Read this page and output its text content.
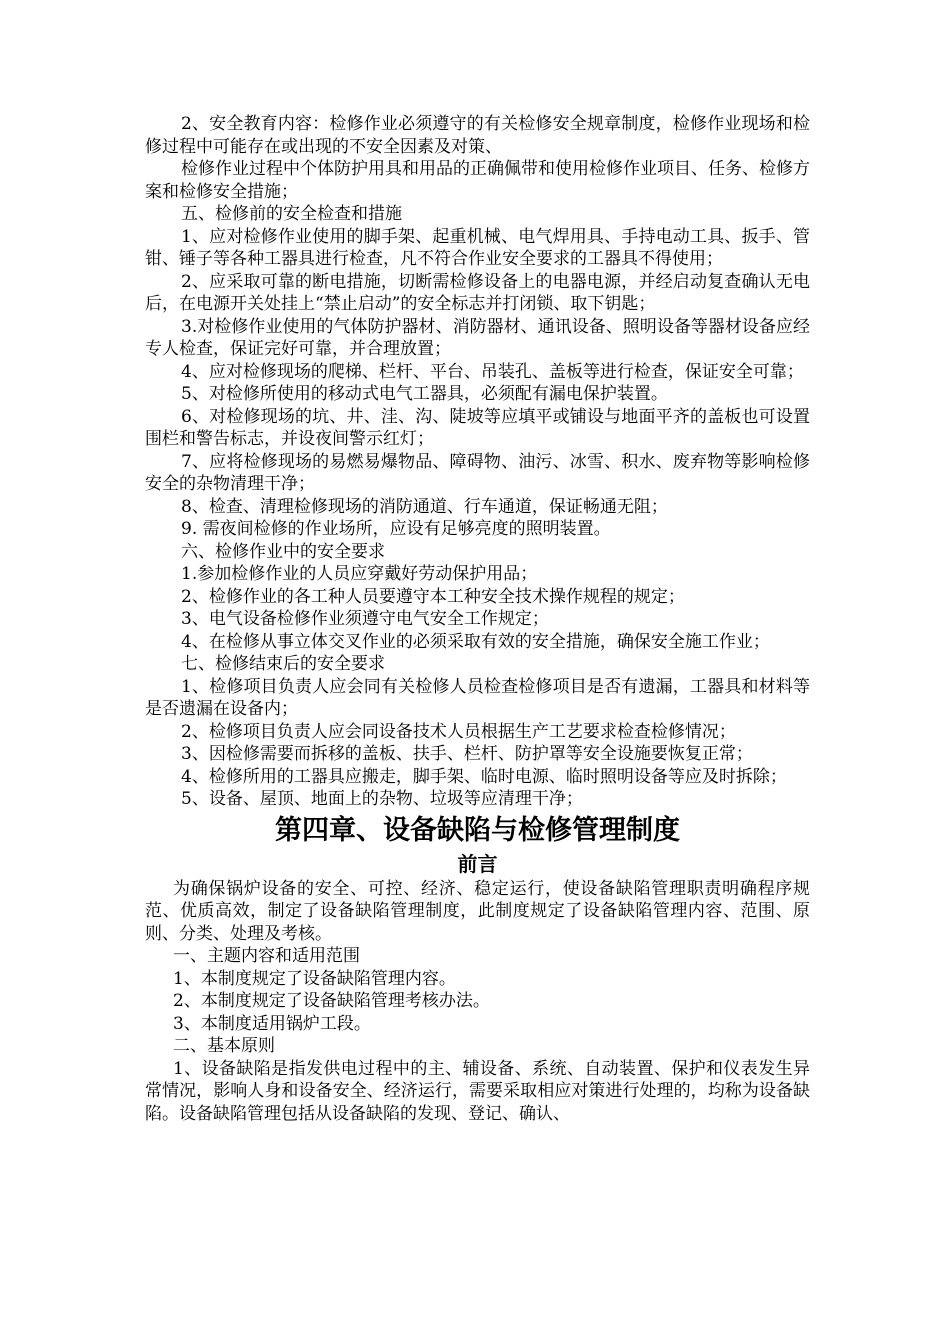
2、安全教育内容：检修作业必须遵守的有关检修安全规章制度，检修作业现场和检修过程中可能存在或出现的不安全因素及对策、

检修作业过程中个体防护用具和用品的正确佩带和使用检修作业项目、任务、检修方案和检修安全措施；

五、检修前的安全检查和措施

1、应对检修作业使用的脚手架、起重机械、电气焊用具、手持电动工具、扳手、管钳、锤子等各种工器具进行检查，凡不符合作业安全要求的工器具不得使用；

2、应采取可靠的断电措施，切断需检修设备上的电器电源，并经启动复查确认无电后，在电源开关处挂上“禁止启动”的安全标志并打闭锁、取下钥匙；

3.对检修作业使用的气体防护器材、消防器材、通讯设备、照明设备等器材设备应经专人检查，保证完好可靠，并合理放置；

4、应对检修现场的爬梯、栏杆、平台、吊装孔、盖板等进行检查，保证安全可靠；

5、对检修所使用的移动式电气工器具，必须配有漏电保护装置。

6、对检修现场的坑、井、洼、沟、陡坡等应填平或铺设与地面平齐的盖板也可设置围栏和警告标志，并设夜间警示红灯；

7、应将检修现场的易燃易爆物品、障碍物、油污、冰雪、积水、废弃物等影响检修安全的杂物清理干净；

8、检查、清理检修现场的消防通道、行车通道，保证畅通无阻；

9. 需夜间检修的作业场所，应设有足够亮度的照明装置。

六、检修作业中的安全要求

1.参加检修作业的人员应穿戴好劳动保护用品；

2、检修作业的各工种人员要遵守本工种安全技术操作规程的规定；

3、电气设备检修作业须遵守电气安全工作规定；

4、在检修从事立体交叉作业的必须采取有效的安全措施，确保安全施工作业；

七、检修结束后的安全要求

1、检修项目负责人应会同有关检修人员检查检修项目是否有遗漏，工器具和材料等是否遗漏在设备内；

2、检修项目负责人应会同设备技术人员根据生产工艺要求检查检修情况；

3、因检修需要而拆移的盖板、扶手、栏杆、防护罩等安全设施要恢复正常；

4、检修所用的工器具应搬走，脚手架、临时电源、临时照明设备等应及时拆除；

5、设备、屋顶、地面上的杂物、垃圾等应清理干净；

第四章、设备缺陷与检修管理制度
前言

为确保锅炉设备的安全、可控、经济、稳定运行，使设备缺陷管理职责明确程序规范、优质高效，制定了设备缺陷管理制度，此制度规定了设备缺陷管理内容、范围、原则、分类、处理及考核。

一、主题内容和适用范围

1、本制度规定了设备缺陷管理内容。

2、本制度规定了设备缺陷管理考核办法。

3、本制度适用锅炉工段。

二、基本原则

1、设备缺陷是指发供电过程中的主、辅设备、系统、自动装置、保护和仪表发生异常情况，影响人身和设备安全、经济运行，需要采取相应对策进行处理的，均称为设备缺陷。设备缺陷管理包括从设备缺陷的发现、登记、确认、
